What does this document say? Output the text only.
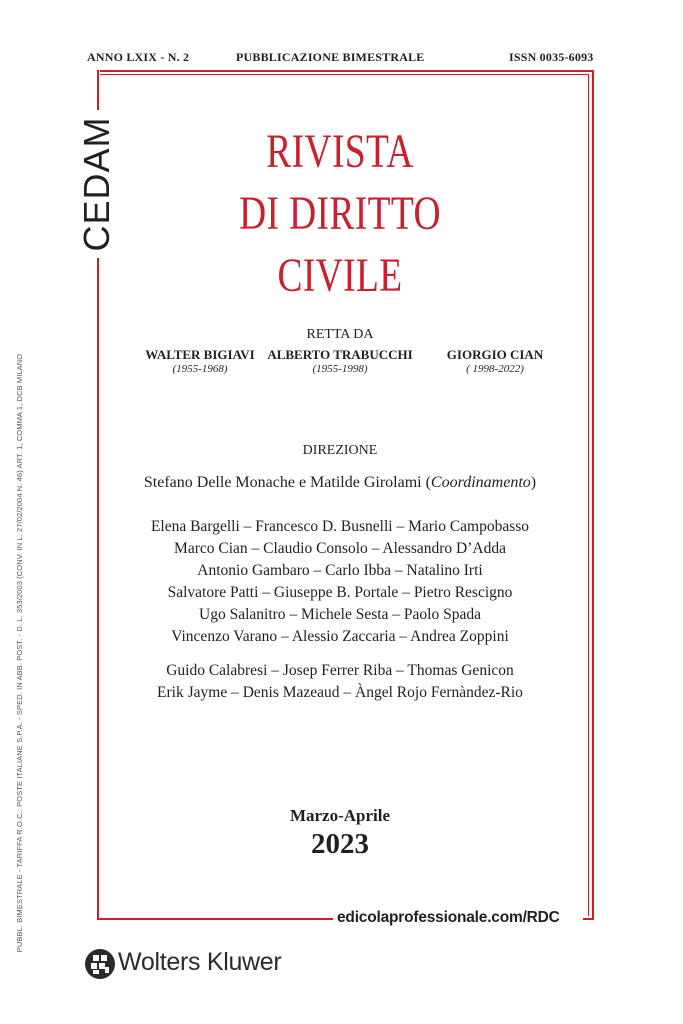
ANNO LXIX - N. 2	PUBBLICAZIONE BIMESTRALE	ISSN 0035-6093
CEDAM
PUBBL. BIMESTRALE - TARIFFA R.O.C.: POSTE ITALIANE S.P.A. - SPED. IN ABB. POST. - D. L. 353/2003 (CONV. IN L. 27/02/2004 N. 46) ART. 1, COMMA 1, DCB MILANO
RIVISTA
DI DIRITTO
CIVILE
RETTA DA
WALTER BIGIAVI
(1955-1968)
ALBERTO TRABUCCHI
(1955-1998)
GIORGIO CIAN
( 1998-2022)
DIREZIONE
Stefano Delle Monache e Matilde Girolami (Coordinamento)
Elena Bargelli – Francesco D. Busnelli – Mario Campobasso
Marco Cian – Claudio Consolo – Alessandro D’Adda
Antonio Gambaro – Carlo Ibba – Natalino Irti
Salvatore Patti – Giuseppe B. Portale – Pietro Rescigno
Ugo Salanitro – Michele Sesta – Paolo Spada
Vincenzo Varano – Alessio Zaccaria – Andrea Zoppini
Guido Calabresi – Josep Ferrer Riba – Thomas Genicon
Erik Jayme – Denis Mazeaud – Àngel Rojo Fernàndez-Rio
Marzo-Aprile
2023
edicolaprofessionale.com/RDC
Wolters Kluwer
